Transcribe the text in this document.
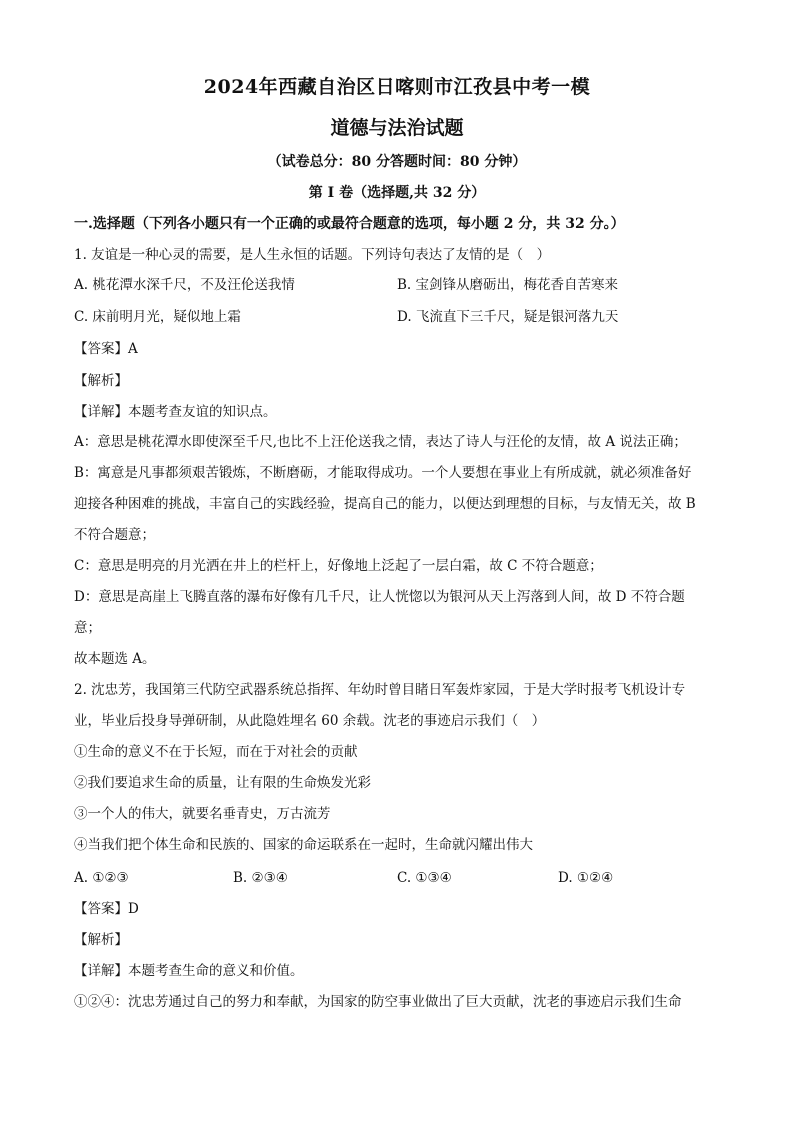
2024年西藏自治区日喀则市江孜县中考一模
道德与法治试题
（试卷总分：80 分答题时间：80 分钟）
第 I 卷（选择题,共 32 分）
一.选择题（下列各小题只有一个正确的或最符合题意的选项，每小题 2 分，共 32 分。）
1. 友谊是一种心灵的需要，是人生永恒的话题。下列诗句表达了友情的是（　）
A. 桃花潭水深千尺，不及汪伦送我情	B. 宝剑锋从磨砺出，梅花香自苦寒来
C. 床前明月光，疑似地上霜	D. 飞流直下三千尺，疑是银河落九天
【答案】A
【解析】
【详解】本题考查友谊的知识点。
A：意思是桃花潭水即使深至千尺,也比不上汪伦送我之情，表达了诗人与汪伦的友情，故 A 说法正确；
B：寓意是凡事都须艰苦锻炼，不断磨砺，才能取得成功。一个人要想在事业上有所成就，就必须准备好
迎接各种困难的挑战，丰富自己的实践经验，提高自己的能力，以便达到理想的目标，与友情无关，故 B
不符合题意；
C：意思是明亮的月光洒在井上的栏杆上，好像地上泛起了一层白霜，故 C 不符合题意；
D：意思是高崖上飞腾直落的瀑布好像有几千尺，让人恍惚以为银河从天上泻落到人间，故 D 不符合题
意；
故本题选 A。
2. 沈忠芳，我国第三代防空武器系统总指挥、年幼时曾目睹日军轰炸家园，于是大学时报考飞机设计专
业，毕业后投身导弹研制，从此隐姓埋名 60 余载。沈老的事迹启示我们（　）
①生命的意义不在于长短，而在于对社会的贡献
②我们要追求生命的质量，让有限的生命焕发光彩
③一个人的伟大，就要名垂青史，万古流芳
④当我们把个体生命和民族的、国家的命运联系在一起时，生命就闪耀出伟大
A. ①②③	B. ②③④	C. ①③④	D. ①②④
【答案】D
【解析】
【详解】本题考查生命的意义和价值。
①②④：沈忠芳通过自己的努力和奉献，为国家的防空事业做出了巨大贡献，沈老的事迹启示我们生命
